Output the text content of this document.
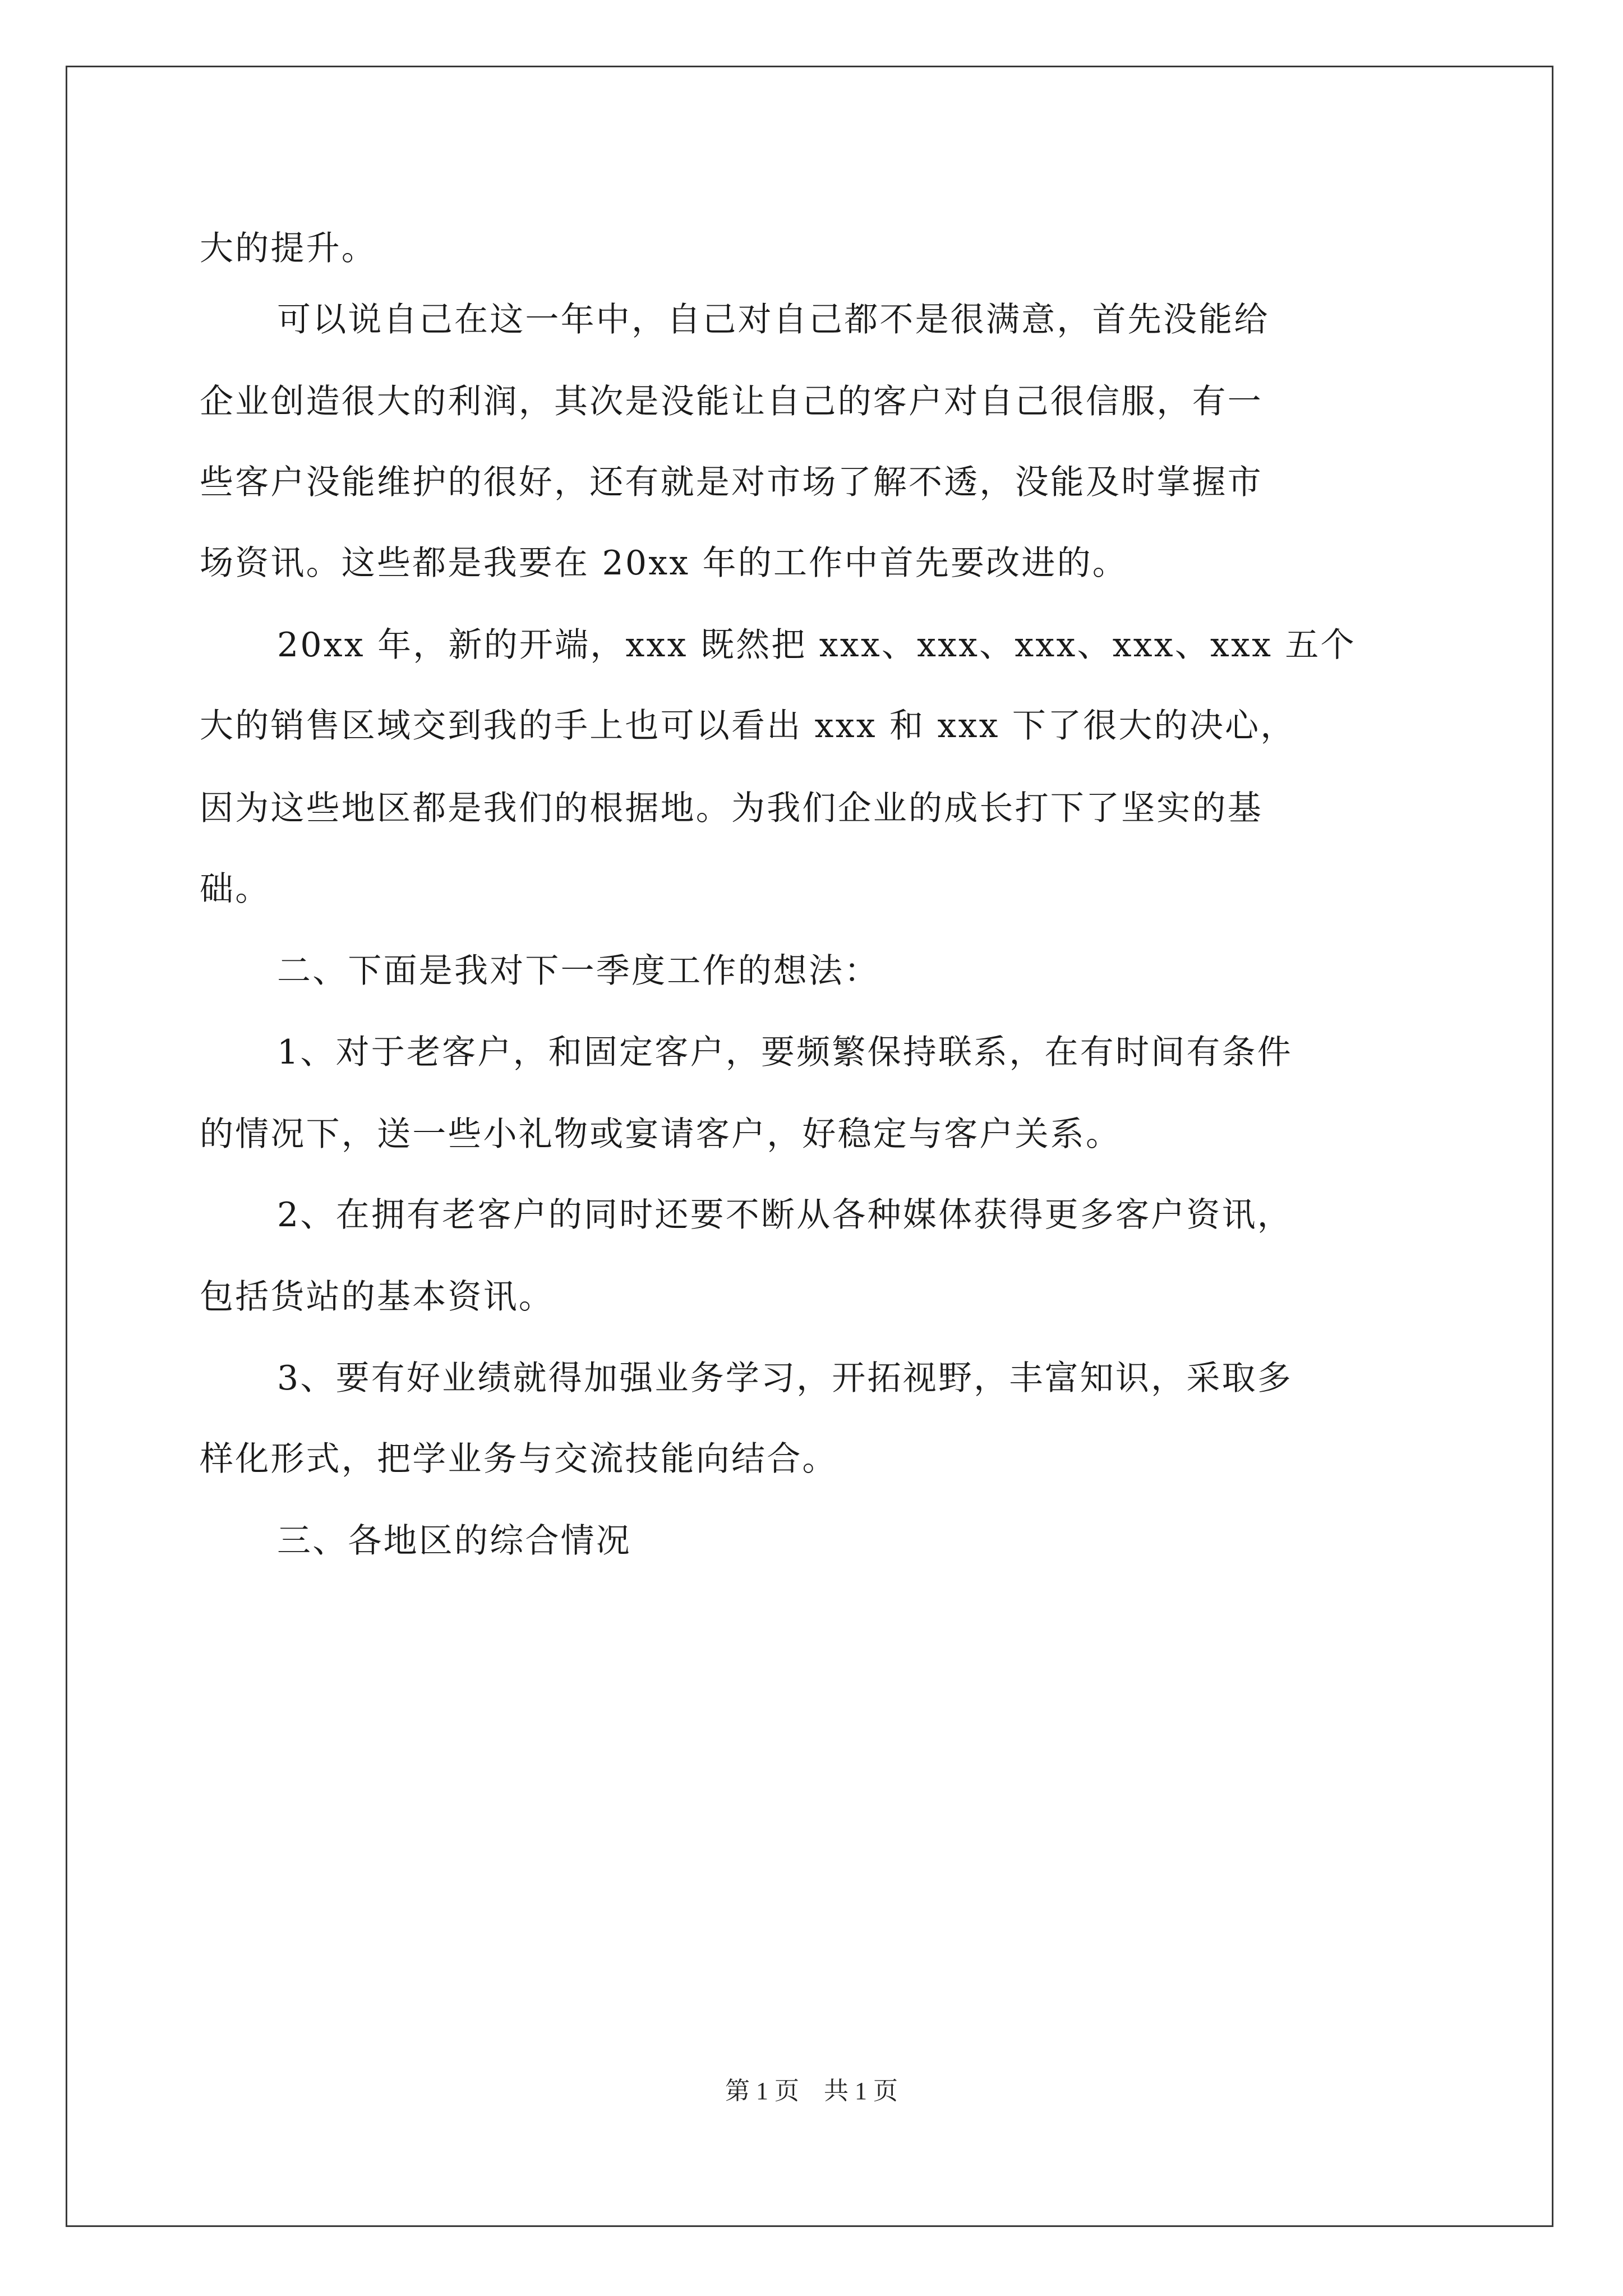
大的提升。
可以说自己在这一年中，自己对自己都不是很满意，首先没能给
企业创造很大的利润，其次是没能让自己的客户对自己很信服，有一
些客户没能维护的很好，还有就是对市场了解不透，没能及时掌握市
场资讯。这些都是我要在 20xx 年的工作中首先要改进的。
20xx 年，新的开端，xxx 既然把 xxx、xxx、xxx、xxx、xxx 五个
大的销售区域交到我的手上也可以看出 xxx 和 xxx 下了很大的决心，
因为这些地区都是我们的根据地。为我们企业的成长打下了坚实的基
础。
二、下面是我对下一季度工作的想法：
1、对于老客户，和固定客户，要频繁保持联系，在有时间有条件
的情况下，送一些小礼物或宴请客户，好稳定与客户关系。
2、在拥有老客户的同时还要不断从各种媒体获得更多客户资讯，
包括货站的基本资讯。
3、要有好业绩就得加强业务学习，开拓视野，丰富知识，采取多
样化形式，把学业务与交流技能向结合。
三、各地区的综合情况
第 1 页　共 1 页
